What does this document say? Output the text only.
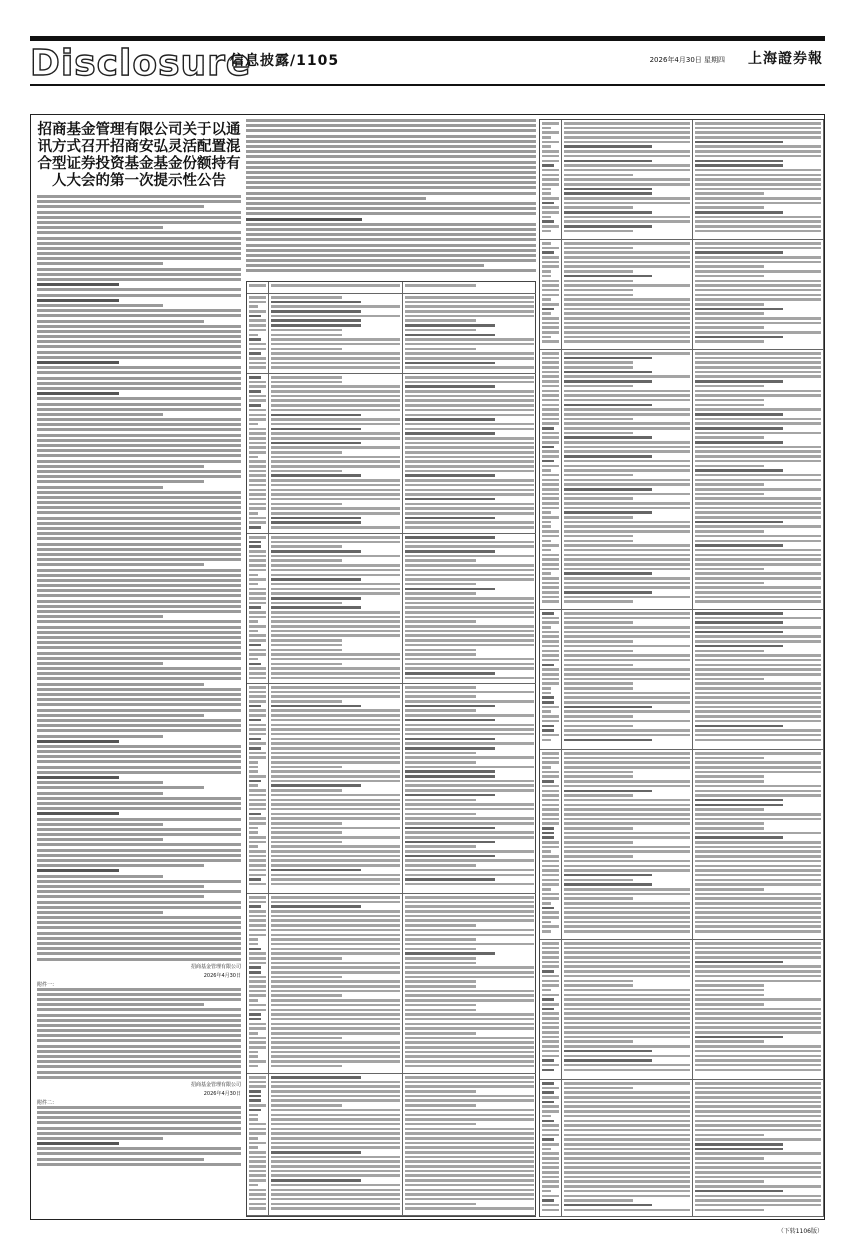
Disclosure
信息披露/1105	2026年4月30日 星期四 上海證券報
招商基金管理有限公司关于以通讯方式召开招商安弘灵活配置混合型证券投资基金基金份额持有人大会的第一次提示性公告
招商基金管理有限公司
2026年4月30日
附件一：
招商基金管理有限公司
2026年4月30日
附件二：
（下转1106版）
